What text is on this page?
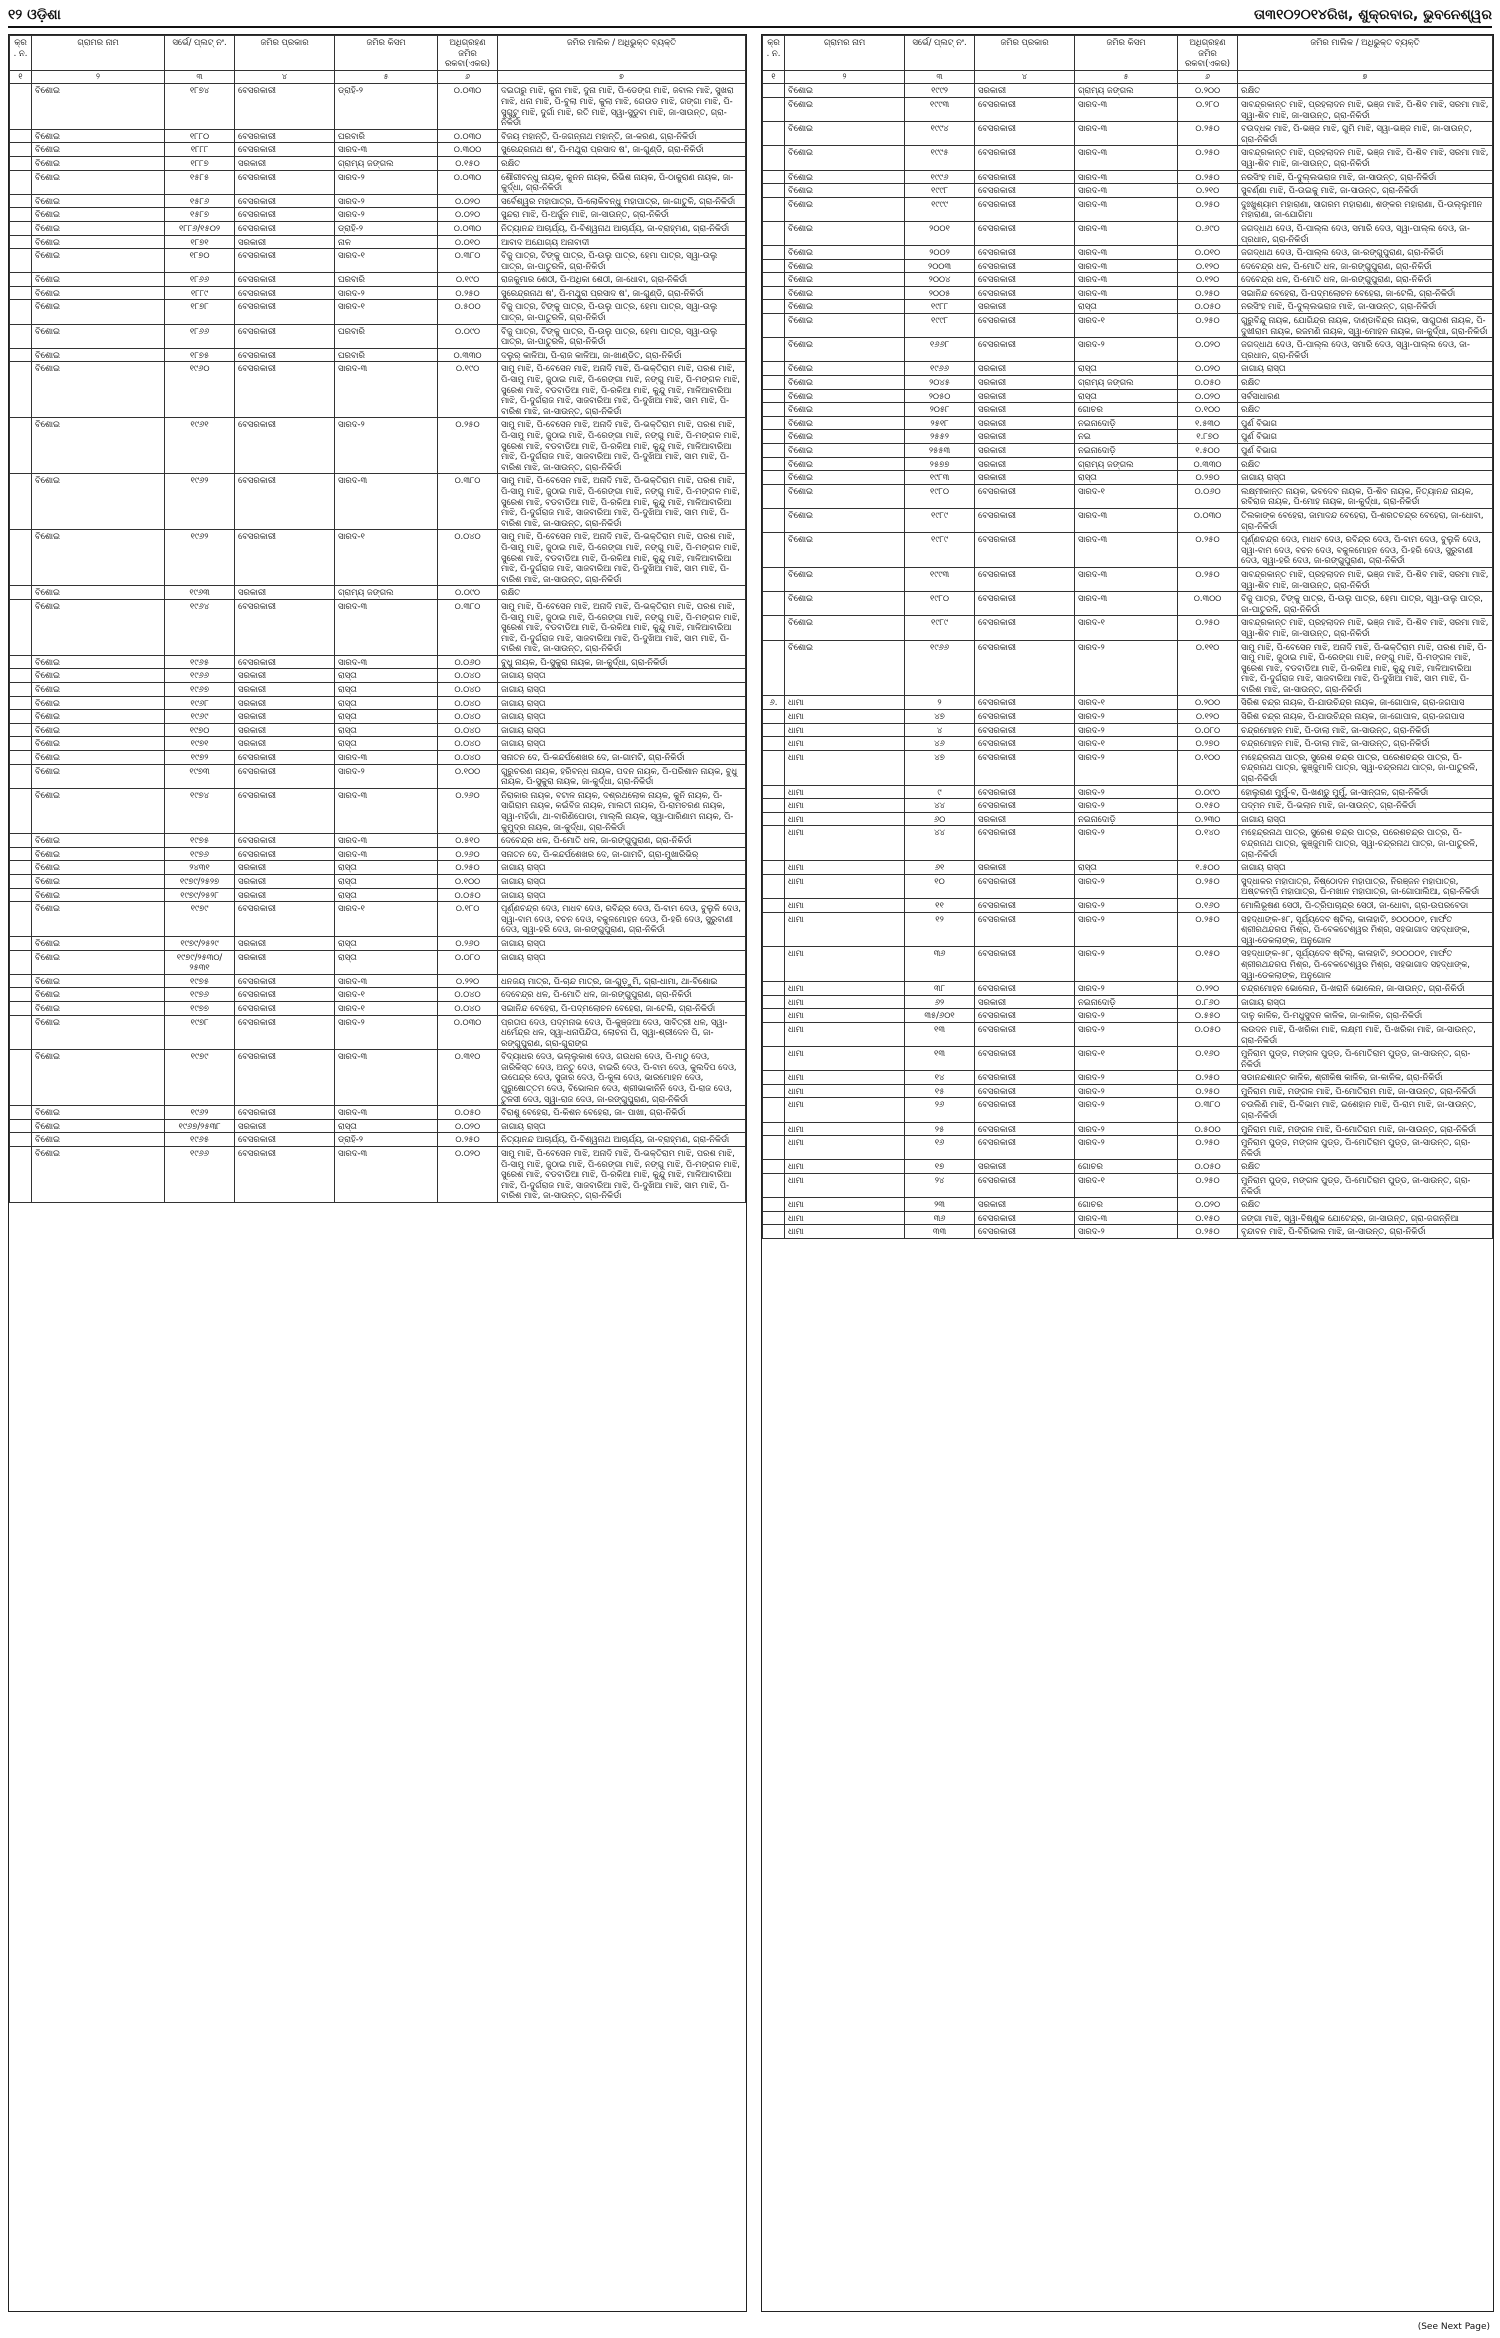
୧୨ ଓଡ଼ିଶା	ତା୩୧୦୨୦୧୪ରିଖ, ଶୁକ୍ରବାର, ଭୁବନେଶ୍ୱର
କ୍ର. ନ.	ଗ୍ରାମର ନାମ	ସର୍ଭେ/ ପ୍ଲଟ୍ ନଂ.	ଜମିର ପ୍ରକାର	ଜମିର କିସମ	ଅଧିଗ୍ରହଣ ଜମିର ରକବା(ଏକର)	ଜମିର ମାଲିକ / ଅଧିଭୁକ୍ତ ବ୍ୟକ୍ତି
୧	୨	୩	୪	୫	୬	୭
	ବିଶୋଇ	୧୮୭୪	ବେସରକାରୀ	ଡ୍ରାହି-୨	୦.୦୩୦	ଦଇତାରୁ ମାଝି, କୁନା ମାଝି, ଦୁନା ମାଝି, ପି-ଡେଙ୍ଗ ମାଝି, ଜବାଲ ମାଝି, ସୁଖରା ମାଝି, ଧନା ମାଝି, ପି-ବୁଲା ମାଝି, କୁଲା ମାଝି, ଗେଉଡ ମାଝି, ଗଙ୍ଗା ମାଝି, ପି-ସୁଗୁଟୁ ମାଝି, ଦୁର୍ଗା ମାଝି, ରତି ମାଝି, ସ୍ୱା-ସୁଡୁବା ମାଝି, ଜା-ସାଉନ୍ତ, ଗ୍ରା-ନିକିର୍ଡା
	ବିଶୋଇ	୧୮୮୦	ବେସରକାରୀ	ଘରବାରି	୦.୦୩୦	ବିଜୟ ମହାନ୍ତି, ପି-ଜଗନ୍ନାଥ ମହାନ୍ତି, ଜା-କରଣ, ଗ୍ରା-ନିକିର୍ଡା
	ବିଶୋଇ	୧୮୮୮	ବେସରକାରୀ	ସାରଦ-୩	୦.୩୦୦	ସୁରେନ୍ଦ୍ରନାଥ ଷ', ପି-ମଥୁରା ପ୍ରସାଦ ଷ', ଜା-ଗୁଣ୍ଡି, ଗ୍ରା-ନିକିର୍ଡା
	ବିଶୋଇ	୧୮୮୭	ସରକାରୀ	ଗ୍ରାମ୍ୟ ଜଙ୍ଗଲ	୦.୧୫୦	ରକ୍ଷିତ
	ବିଶୋଇ	୧୫୮୫	ବେସରକାରୀ	ସାରଦ-୨	୦.୦୩୦	ଶୌରୀବନ୍ଧୁ ନାୟକ, କୁନନ ନାୟକ, ରିଭିଶ ନାୟକ, ପି-ଠାକୁରାଣ ନାୟକ, ଜା-କୁର୍ଦ୍ଧା, ଗ୍ରା-ନିକିର୍ଡା
	ବିଶୋଇ	୧୫୮୬	ବେସରକାରୀ	ସାରଦ-୨	୦.୦୨୦	ସର୍ବେଶ୍ୱର ମହାପାତ୍ର, ପି-ଲୋକିବନ୍ଧୁ ମହାପାତ୍ର, ଜା-ଗାତୁଳି, ଗ୍ରା-ନିକିର୍ଡା
	ବିଶୋଇ	୧୫୮୭	ବେସରକାରୀ	ସାରଦ-୨	୦.୦୨୦	ସୁନ୍ଦରା ମାଝି, ପି-ଅର୍ଜୁନ ମାଝି, ଜା-ସାଉନ୍ତ, ଗ୍ରା-ନିକିର୍ଡା
	ବିଶୋଇ	୧୮୮୬/୧୫୦୨	ବେସରକାରୀ	ଡ୍ରାହି-୨	୦.୦୩୦	ନିତ୍ୟାନନ୍ଦ ଆଚାର୍ଯ୍ୟ, ପି-ବିଶ୍ୱନାଥ ଆଚାର୍ଯ୍ୟ, ଜା-ବ୍ରାହ୍ମଣ, ଗ୍ରା-ନିକିର୍ଡା
	ବିଶୋଇ	୧୮୭୧	ସରକାରୀ	ନାଳ	୦.୦୧୦	ଆବାଦ ଅଯୋଗ୍ୟ ଅନାବାଦୀ
	ବିଶୋଇ	୧୮୭୦	ବେସରକାରୀ	ସାରଦ-୧	୦.୩୮୦	ବିଜୁ ପାତ୍ର, ଟିଙ୍କୁ ପାତ୍ର, ପି-ଉଲୁ ପାତ୍ର, ହେମା ପାତ୍ର, ସ୍ୱା-ଉଲୁ ପାତ୍ର, ଜା-ପାତୁରଳି, ଗ୍ରା-ନିକିର୍ଡା
	ବିଶୋଇ	୧୮୬୬	ବେସରକାରୀ	ଘରବାରି	୦.୧୯୦	ରାଜକୁମାର ଶେଠୀ, ପି-ଅଧିକା ଶେଠୀ, ଜା-ଧୋବା, ଗ୍ରା-ନିକିର୍ଡା
	ବିଶୋଇ	୧୮୮୯	ବେସରକାରୀ	ସାରଦ-୨	୦.୨୫୦	ସୁରେନ୍ଦ୍ରନାଥ ଷ', ପି-ମଥୁରା ପ୍ରସାଦ ଷ', ଜା-ଗୁଣ୍ଡି, ଗ୍ରା-ନିକିର୍ଡା
	ବିଶୋଇ	୧୮୭୮	ବେସରକାରୀ	ସାରଦ-୧	୦.୫୦୦	ବିଜୁ ପାତ୍ର, ଟିଙ୍କୁ ପାତ୍ର, ପି-ଉଲୁ ପାତ୍ର, ହେମା ପାତ୍ର, ସ୍ୱା-ଉଲୁ ପାତ୍ର, ଜା-ପାତୁରଳି, ଗ୍ରା-ନିକିର୍ଡା
	ବିଶୋଇ	୧୮୬୬	ବେସରକାରୀ	ଘରବାରି	୦.୦୯୦	ବିଜୁ ପାତ୍ର, ଟିଙ୍କୁ ପାତ୍ର, ପି-ଉଲୁ ପାତ୍ର, ହେମା ପାତ୍ର, ସ୍ୱା-ଉଲୁ ପାତ୍ର, ଜା-ପାତୁରଳି, ଗ୍ରା-ନିକିର୍ଡା
	ବିଶୋଇ	୧୮୭୫	ବେସରକାରୀ	ଘରବାରି	୦.୩୩୦	ଦଲୁର୍ କାଳିଆ, ପି-ରାଜ କାଳିଆ, ଜା-ଖାଣ୍ଡିତ, ଗ୍ରା-ନିକିର୍ଡା
	ବିଶୋଇ	୧୯୬୦	ବେସରକାରୀ	ସାରଦ-୩	୦.୧୯୦	ସାମୁ ମାଝି, ପି-ବେସେନ ମାଝି, ଅନାଦି ମାଝି, ପି-ଭକ୍ତିରାମ ମାଝି, ପରଶ ମାଝି, ପି-ସାମୁ ମାଝି, ଜୁଠାଇ ମାଝି, ପି-ରେଙ୍ଗା ମାଝି, ନଙ୍ଗୁ ମାଝି, ପି-ମଙ୍ଗଳ ମାଝି, ସୁରେଶ ମାଝି, ବଡବାଡିଆ ମାଝି, ପି-ରକିଆ ମାଝି, କୁନ୍ଦୁ ମାଝି, ମାଳିଆବାରିଆ ମାଝି, ପି-ଦୁର୍ଗରାଜ ମାଝି, ସାଜବାରିଆ ମାଝି, ପି-ଦୁଖିଆ ମାଝି, ସାମ ମାଝି, ପି-ବାରିଶ ମାଝି, ଜା-ସାଉନ୍ତ, ଗ୍ରା-ନିକିର୍ଡା
	ବିଶୋଇ	୧୯୬୧	ବେସରକାରୀ	ସାରଦ-୨	୦.୨୫୦	ସାମୁ ମାଝି, ପି-ବେସେନ ମାଝି, ଅନାଦି ମାଝି, ପି-ଭକ୍ତିରାମ ମାଝି, ପରଶ ମାଝି, ପି-ସାମୁ ମାଝି, ଜୁଠାଇ ମାଝି, ପି-ରେଙ୍ଗା ମାଝି, ନଙ୍ଗୁ ମାଝି, ପି-ମଙ୍ଗଳ ମାଝି, ସୁରେଶ ମାଝି, ବଡବାଡିଆ ମାଝି, ପି-ରକିଆ ମାଝି, କୁନ୍ଦୁ ମାଝି, ମାଳିଆବାରିଆ ମାଝି, ପି-ଦୁର୍ଗରାଜ ମାଝି, ସାଜବାରିଆ ମାଝି, ପି-ଦୁଖିଆ ମାଝି, ସାମ ମାଝି, ପି-ବାରିଶ ମାଝି, ଜା-ସାଉନ୍ତ, ଗ୍ରା-ନିକିର୍ଡା
	ବିଶୋଇ	୧୯୬୨	ବେସରକାରୀ	ସାରଦ-୩	୦.୩୮୦	ସାମୁ ମାଝି, ପି-ବେସେନ ମାଝି, ଅନାଦି ମାଝି, ପି-ଭକ୍ତିରାମ ମାଝି, ପରଶ ମାଝି, ପି-ସାମୁ ମାଝି, ଜୁଠାଇ ମାଝି, ପି-ରେଙ୍ଗା ମାଝି, ନଙ୍ଗୁ ମାଝି, ପି-ମଙ୍ଗଳ ମାଝି, ସୁରେଶ ମାଝି, ବଡବାଡିଆ ମାଝି, ପି-ରକିଆ ମାଝି, କୁନ୍ଦୁ ମାଝି, ମାଳିଆବାରିଆ ମାଝି, ପି-ଦୁର୍ଗରାଜ ମାଝି, ସାଜବାରିଆ ମାଝି, ପି-ଦୁଖିଆ ମାଝି, ସାମ ମାଝି, ପି-ବାରିଶ ମାଝି, ଜା-ସାଉନ୍ତ, ଗ୍ରା-ନିକିର୍ଡା
	ବିଶୋଇ	୧୯୬୨	ବେସରକାରୀ	ସାରଦ-୧	୦.୦୪୦	ସାମୁ ମାଝି, ପି-ବେସେନ ମାଝି, ଅନାଦି ମାଝି, ପି-ଭକ୍ତିରାମ ମାଝି, ପରଶ ମାଝି, ପି-ସାମୁ ମାଝି, ଜୁଠାଇ ମାଝି, ପି-ରେଙ୍ଗା ମାଝି, ନଙ୍ଗୁ ମାଝି, ପି-ମଙ୍ଗଳ ମାଝି, ସୁରେଶ ମାଝି, ବଡବାଡିଆ ମାଝି, ପି-ରକିଆ ମାଝି, କୁନ୍ଦୁ ମାଝି, ମାଳିଆବାରିଆ ମାଝି, ପି-ଦୁର୍ଗରାଜ ମାଝି, ସାଜବାରିଆ ମାଝି, ପି-ଦୁଖିଆ ମାଝି, ସାମ ମାଝି, ପି-ବାରିଶ ମାଝି, ଜା-ସାଉନ୍ତ, ଗ୍ରା-ନିକିର୍ଡା
	ବିଶୋଇ	୧୯୬୩	ସରକାରୀ	ଗ୍ରାମ୍ୟ ଜଙ୍ଗଲ	୦.୦୯୦	ରକ୍ଷିତ
	ବିଶୋଇ	୧୯୬୪	ବେସରକାରୀ	ସାରଦ-୩	୦.୩୮୦	ସାମୁ ମାଝି, ପି-ବେସେନ ମାଝି, ଅନାଦି ମାଝି, ପି-ଭକ୍ତିରାମ ମାଝି, ପରଶ ମାଝି, ପି-ସାମୁ ମାଝି, ଜୁଠାଇ ମାଝି, ପି-ରେଙ୍ଗା ମାଝି, ନଙ୍ଗୁ ମାଝି, ପି-ମଙ୍ଗଳ ମାଝି, ସୁରେଶ ମାଝି, ବଡବାଡିଆ ମାଝି, ପି-ରକିଆ ମାଝି, କୁନ୍ଦୁ ମାଝି, ମାଳିଆବାରିଆ ମାଝି, ପି-ଦୁର୍ଗରାଜ ମାଝି, ସାଜବାରିଆ ମାଝି, ପି-ଦୁଖିଆ ମାଝି, ସାମ ମାଝି, ପି-ବାରିଶ ମାଝି, ଜା-ସାଉନ୍ତ, ଗ୍ରା-ନିକିର୍ଡା
	ବିଶୋଇ	୧୯୬୫	ବେସରକାରୀ	ସାରଦ-୩	୦.୦୬୦	ବୁଧୁ ନାୟକ, ପି-ସୁକୁରା ନାୟକ, ଜା-କୁର୍ଦ୍ଧା, ଗ୍ରା-ନିକିର୍ଡା
	ବିଶୋଇ	୧୯୬୬	ସରକାରୀ	ରାସ୍ତା	୦.୦୪୦	ଜାଗାୟ ରାସ୍ତା
	ବିଶୋଇ	୧୯୬୭	ସରକାରୀ	ରାସ୍ତା	୦.୦୪୦	ଜାଗାୟ ରାସ୍ତା
	ବିଶୋଇ	୧୯୬୮	ସରକାରୀ	ରାସ୍ତା	୦.୦୪୦	ଜାଗାୟ ରାସ୍ତା
	ବିଶୋଇ	୧୯୬୯	ସରକାରୀ	ରାସ୍ତା	୦.୦୪୦	ଜାଗାୟ ରାସ୍ତା
	ବିଶୋଇ	୧୯୭୦	ସରକାରୀ	ରାସ୍ତା	୦.୦୪୦	ଜାଗାୟ ରାସ୍ତା
	ବିଶୋଇ	୧୯୭୧	ସରକାରୀ	ରାସ୍ତା	୦.୦୪୦	ଜାଗାୟ ରାସ୍ତା
	ବିଶୋଇ	୧୯୭୨	ବେସରକାରୀ	ସାରଦ-୩	୦.୦୪୦	ସନାତନ ଦେ, ପି-କନ୍ଦର୍ପଶେଖର ଦେ, ଜା-ଗାମଟି, ଗ୍ରା-ନିକିର୍ଡା
	ବିଶୋଇ	୧୯୭୩	ବେସରକାରୀ	ସାରଦ-୨	୦.୧୦୦	ଗୁରୁଚରଣ ନାୟକ, ହରିବନ୍ଧ ନାୟକ, ପଦନ ନାୟକ, ପି-ପରିଶାନ ନାୟକ, ବୁଧୁ ନାୟକ, ପି-ସୁକୁରା ନାୟକ, ଜା-କୁର୍ଦ୍ଧା, ଗ୍ରା-ନିକିର୍ଡା
	ବିଶୋଇ	୧୯୭୪	ବେସରକାରୀ	ସାରଦ-୩	୦.୨୬୦	ନିରାକାର ନାୟକ, ବଟାଳ ନାୟକ, ଦଶ୍ରଥଲୋକ ନାୟକ, କୁନି ନାୟକ, ପି-ସାଗିରାମ ନାୟକ, କଇଁବିଜ ନାୟକ, ମାଲତୀ ନାୟକ, ପି-ରାମଚରଣ ନାୟକ, ସ୍ୱା-ମହିଗାଁ, ଥା-ବାରିଣିପୋଡା, ମାଲ୍ଲି ନାୟକ, ସ୍ୱା-ପାରିଣାମ ନାୟକ, ପି-କୁମୁଦ୍ର ନାୟକ, ଜା-କୁର୍ଦ୍ଧା, ଗ୍ରା-ନିକିର୍ଡା
	ବିଶୋଇ	୧୯୭୫	ବେସରକାରୀ	ସାରଦ-୩	୦.୫୧୦	ଦେବେନ୍ଦ୍ର ଧଳ, ପି-ମୋତି ଧଳ, ଜା-ରଙ୍ଗୁପୁରାଣ, ଗ୍ରା-ନିକିର୍ଡା
	ବିଶୋଇ	୧୯୭୬	ବେସରକାରୀ	ସାରଦ-୩	୦.୨୬୦	ସନାତନ ଦେ, ପି-କନ୍ଦର୍ପଶେଖର ଦେ, ଜା-ଗାମଟି, ଗ୍ରା-ମୁଖାରିଭିର୍
	ବିଶୋଇ	୨୪୩୧	ସରକାରୀ	ରାସ୍ତା	୦.୨୫୦	ଜାଗାୟ ରାସ୍ତା
	ବିଶୋଇ	୧୯୭୯/୨୫୨୭	ସରକାରୀ	ରାସ୍ତା	୦.୧୦୦	ଜାଗାୟ ରାସ୍ତା
	ବିଶୋଇ	୧୯୭୯/୨୫୨୮	ସରକାରୀ	ରାସ୍ତା	୦.୦୫୦	ଜାଗାୟ ରାସ୍ତା
	ବିଶୋଇ	୧୯୭୯	ବେସରକାରୀ	ସାରଦ-୧	୦.୧୮୦	ପୂର୍ଣ୍ଣଚନ୍ଦ୍ର ଦେଓ, ମାଧବ ଦେଓ, ରବିନ୍ଦ୍ର ଦେଓ, ପି-ବାମ ଦେଓ, ବୁଲୁଳି ଦେଓ, ସ୍ୱା-ବାମ ଦେଓ, ବଚନ ଦେଓ, ବକୁଳମୋହନ ଦେଓ, ପି-ହରି ଦେଓ, ସୁରୁବାଣୀ ଦେଓ, ସ୍ୱା-ହରି ଦେଓ, ଜା-ରଙ୍ଗୁପୁରାଣ, ଗ୍ରା-ନିକିର୍ଡା
	ବିଶୋଇ	୧୯୭୯/୨୫୨୯	ସରକାରୀ	ରାସ୍ତା	୦.୨୬୦	ଜାଗାୟ ରାସ୍ତା
	ବିଶୋଇ	୧୯୭୯/୨୫୩୦/ ୨୫୩୧	ସରକାରୀ	ରାସ୍ତା	୦.୦୮୦	ଜାଗାୟ ରାସ୍ତା
	ବିଶୋଇ	୧୯୭୫	ବେସରକାରୀ	ସାରଦ-୩	୦.୨୨୦	ଧନଜୟ ମାତ୍ର, ପି-ଚାନ୍ଦ ମାତ୍ର, ଜା-ଗୁଡ଼ୁମି, ଗ୍ରା-ଧାମା, ଥା-ବିଶୋଇ
	ବିଶୋଇ	୧୯୭୬	ବେସରକାରୀ	ସାରଦ-୧	୦.୦୪୦	ଦେବେନ୍ଦ୍ର ଧଳ, ପି-ମୋତି ଧଳ, ଜା-ରଙ୍ଗୁପୁରାଣ, ଗ୍ରା-ନିକିର୍ଡା
	ବିଶୋଇ	୧୯୭୭	ବେସରକାରୀ	ସାରଦ-୧	୦.୦୪୦	ସଇାନିନ୍ଦ ବେହେରା, ପି-ପଦ୍ମଲୋଚନ ବେହେରା, ଜା-ଟେଲି, ଗ୍ରା-ନିକିର୍ଡା
	ବିଶୋଇ	୧୯୭୮	ବେସରକାରୀ	ସାରଦ-୨	୦.୦୩୦	ପ୍ରତାପ ଦେଓ, ପଦ୍ମନାଭ ଦେଓ, ପି-କୁଞ୍ଜଆ ଦେଓ, ସାବିତ୍ରୀ ଧଳ, ସ୍ୱା-ଧର୍ମେନ୍ଦ୍ର ଧଳ, ସ୍ୱା-ଧନାପିନ୍ଦିତା, ଲୋଚନା ପି, ସ୍ୱା-ଶ୍ରୀଦେନ ପି, ଜା-ରଙ୍ଗୁପୁରାଣ, ଗ୍ରା-ଗୁରାଙ୍ଗ
	ବିଶୋଇ	୧୯୭୯	ବେସରକାରୀ	ସାରଦ-୩	୦.୩୧୦	ବିଦ୍ୟାଧର ଦେଓ, ଭଲ୍ଲୁକାଶ ଦେଓ, ଗଉଧର ଦେଓ, ପି-ମାଠୁ ଦେଓ, ଜାରିକିସ୍ତ ଦେଓ, ଅନ୍ତୁ ଦେଓ, ବାଇରି ଦେଓ, ପି-ବାମ ଦେଓ, କୁଲଦିପ ଦେଓ, ଉପେନ୍ଦ୍ର ଦେଓ, ସୁଜାର ଦେଓ, ପି-କୁଳା ଦେଓ, ଭାରମୋହନ ଦେଓ, ପୁରୁଷୋତ୍ତମ ଦେଓ, ବିଭୋଲନ ଦେଓ, ଶ୍ରୀଭାକାନିନି ଦେଓ, ପି-ରାଜ ଦେଓ, ତୁଳସୀ ଦେଓ, ସ୍ୱା-ରାଜ ଦେଓ, ଜା-ରଙ୍ଗୁପୁରାଣ, ଗ୍ରା-ନିକିର୍ଡା
	ବିଶୋଇ	୧୯୬୨	ବେସରକାରୀ	ସାରଦ-୩	୦.୦୫୦	ବିରାଶୁ ବେହେରା, ପି-କିଶନ ବେହେରା, ଜା- ପାଖା, ଗ୍ରା-ନିକିର୍ଡା
	ବିଶୋଇ	୧୯୬୭/୨୫୩୮	ସରକାରୀ	ରାସ୍ତା	୦.୦୨୦	ଜାଗାୟ ରାସ୍ତା
	ବିଶୋଇ	୧୯୬୫	ବେସରକାରୀ	ଡ୍ରାହି-୨	୦.୨୫୦	ନିତ୍ୟାନନ୍ଦ ଆଚାର୍ଯ୍ୟ, ପି-ବିଶ୍ୱନାଥ ଆଚାର୍ଯ୍ୟ, ଜା-ବ୍ରାହ୍ମଣ, ଗ୍ରା-ନିକିର୍ଡା
	ବିଶୋଇ	୧୯୬୬	ବେସରକାରୀ	ସାରଦ-୩	୦.୦୨୦	ସାମୁ ମାଝି, ପି-ବେସେନ ମାଝି, ଅନାଦି ମାଝି, ପି-ଭକ୍ତିରାମ ମାଝି, ପରଶ ମାଝି, ପି-ସାମୁ ମାଝି, ଜୁଠାଇ ମାଝି, ପି-ରେଙ୍ଗା ମାଝି, ନଙ୍ଗୁ ମାଝି, ପି-ମଙ୍ଗଳ ମାଝି, ସୁରେଶ ମାଝି, ବଡବାଡିଆ ମାଝି, ପି-ରକିଆ ମାଝି, କୁନ୍ଦୁ ମାଝି, ମାଳିଆବାରିଆ ମାଝି, ପି-ଦୁର୍ଗରାଜ ମାଝି, ସାଜବାରିଆ ମାଝି, ପି-ଦୁଖିଆ ମାଝି, ସାମ ମାଝି, ପି-ବାରିଶ ମାଝି, ଜା-ସାଉନ୍ତ, ଗ୍ରା-ନିକିର୍ଡା
କ୍ର. ନ.	ଗ୍ରାମର ନାମ	ସର୍ଭେ/ ପ୍ଲଟ୍ ନଂ.	ଜମିର ପ୍ରକାର	ଜମିର କିସମ	ଅଧିଗ୍ରହଣ ଜମିର ରକବା(ଏକର)	ଜମିର ମାଲିକ / ଅଧିଭୁକ୍ତ ବ୍ୟକ୍ତି
୧	୨	୩	୪	୫	୬	୭
	ବିଶୋଇ	୧୯୯୨	ସରକାରୀ	ଗ୍ରାମ୍ୟ ଜଙ୍ଗଲ	୦.୨୦୦	ରକ୍ଷିତ
	ବିଶୋଇ	୧୯୯୩	ବେସରକାରୀ	ସାରଦ-୩	୦.୨୮୦	ସାବନ୍ଦ୍ରକାନ୍ତ ମାଝି, ପ୍ରହଲାଦନ ମାଝି, ଭଞ୍ଜ ମାଝି, ପି-ଶିବ ମାଝି, ସରମା ମାଝି, ସ୍ୱା-ଶିବ ମାଝି, ଜା-ସାଉନ୍ତ, ଗ୍ରା-ନିକିର୍ଡା
	ବିଶୋଇ	୧୯୯୪	ବେସରକାରୀ	ସାରଦ-୩	୦.୨୫୦	ବଉଦ୍ଧକ ମାଝି, ପି-ଭଞ୍ଜ ମାଝି, ଗୁମି ମାଝି, ସ୍ୱା-ଭଞ୍ଜ ମାଝି, ଜା-ସାଉନ୍ତ, ଗ୍ରା-ନିକିର୍ଡା
	ବିଶୋଇ	୧୯୯୫	ବେସରକାରୀ	ସାରଦ-୩	୦.୨୫୦	ସାବନ୍ଦ୍ରକାନ୍ତ ମାଝି, ପ୍ରହଲାଦନ ମାଝି, ଭଞ୍ଜ ମାଝି, ପି-ଶିବ ମାଝି, ସରମା ମାଝି, ସ୍ୱା-ଶିବ ମାଝି, ଜା-ସାଉନ୍ତ, ଗ୍ରା-ନିକିର୍ଡା
	ବିଶୋଇ	୧୯୯୬	ବେସରକାରୀ	ସାରଦ-୩	୦.୨୫୦	ନରସିଂହ ମାଝି, ପି-ଦୁଲ୍ଲଭରାଜ ମାଝି, ଜା-ସାଉନ୍ତ, ଗ୍ରା-ନିକିର୍ଡା
	ବିଶୋଇ	୧୯୯୮	ବେସରକାରୀ	ସାରଦ-୩	୦.୨୧୦	ସୁବର୍ଣ୍ଣା ମାଝି, ପି-ଉଇକୁ ମାଝି, ଜା-ସାଉନ୍ତ, ଗ୍ରା-ନିକିର୍ଡା
	ବିଶୋଇ	୧୯୯୯	ବେସରକାରୀ	ସାରଦ-୩	୦.୨୫୦	ଦୁଃଖୁଶ୍ୟାମ ମହାରାଣା, ସାଗରମ ମହାରାଣା, ଶଙ୍କର ମହାରାଣା, ପି-ଉଲ୍ଲୁମୀନ ମହାରାଣା, ଜା-ଯୋଗିମା
	ବିଶୋଇ	୨୦୦୧	ବେସରକାରୀ	ସାରଦ-୩	୦.୬୯୦	ଜଗଦ୍ଧାଥ ଦେଓ, ପି-ପାଲ୍ଲ ଦେଓ, ସମାରି ଦେଓ, ସ୍ୱା-ପାଲ୍ଲ ଦେଓ, ଜା-ପ୍ରଧାନ, ଗ୍ରା-ନିକିର୍ଡା
	ବିଶୋଇ	୨୦୦୨	ବେସରକାରୀ	ସାରଦ-୩	୦.୦୧୦	ଜଗଦ୍ଧାଥ ଦେଓ, ପି-ପାଲ୍ଲ ଦେଓ, ଜା-ରଙ୍ଗୁପୁରାଣ, ଗ୍ରା-ନିକିର୍ଡା
	ବିଶୋଇ	୨୦୦୩	ବେସରକାରୀ	ସାରଦ-୩	୦.୧୨୦	ଦେବେନ୍ଦ୍ର ଧଳ, ପି-ମୋତି ଧଳ, ଜା-ରଙ୍ଗୁପୁରାଣ, ଗ୍ରା-ନିକିର୍ଡା
	ବିଶୋଇ	୨୦୦୪	ବେସରକାରୀ	ସାରଦ-୩	୦.୧୨୦	ଦେବେନ୍ଦ୍ର ଧଳ, ପି-ମୋତି ଧଳ, ଜା-ରଙ୍ଗୁପୁରାଣ, ଗ୍ରା-ନିକିର୍ଡା
	ବିଶୋଇ	୨୦୦୫	ବେସରକାରୀ	ସାରଦ-୩	୦.୨୫୦	ସଇାନିନ୍ଦ ବେହେରା, ପି-ପଦ୍ମଲୋଚନ ବେହେରା, ଜା-ଟେଲି, ଗ୍ରା-ନିକିର୍ଡା
	ବିଶୋଇ	୧୯୮୮	ସରକାରୀ	ରାସ୍ତା	୦.୦୫୦	ନରସିଂହ ମାଝି, ପି-ଦୁଲ୍ଲଭରାଜ ମାଝି, ଜା-ସାଉନ୍ତ, ଗ୍ରା-ନିକିର୍ଡା
	ବିଶୋଇ	୧୯୯୮	ବେସରକାରୀ	ସାରଦ-୧	୦.୨୫୦	ଗୁରୁବିନ୍ଦୁ ନାୟକ, ଯୋଗିନ୍ଦ୍ର ନାୟକ, ଦାଣ୍ଡାବିନ୍ଦ୍ର ନାୟକ, ସାଗୁତାଶ ନାୟକ, ପି-ଦୁଖୀରାମ ନାୟକ, ରଜମଣି ନାୟକ, ସ୍ୱା-ମୋହନ ନାୟକ, ଜା-କୁର୍ଦ୍ଧା, ଗ୍ରା-ନିକିର୍ଡା
	ବିଶୋଇ	୧୬୬୮	ବେସରକାରୀ	ସାରଦ-୨	୦.୦୨୦	ଜଗଦ୍ଧାଥ ଦେଓ, ପି-ପାଲ୍ଲ ଦେଓ, ସମାରି ଦେଓ, ସ୍ୱା-ପାଲ୍ଲ ଦେଓ, ଜା-ପ୍ରଧାନ, ଗ୍ରା-ନିକିର୍ଡା
	ବିଶୋଇ	୧୯୬୬	ସରକାରୀ	ରାସ୍ତା	୦.୦୨୦	ଜାଗାୟ ରାସ୍ତା
	ବିଶୋଇ	୨୦୪୫	ସରକାରୀ	ଗ୍ରାମ୍ୟ ଜଙ୍ଗଲ	୦.୦୫୦	ରକ୍ଷିତ
	ବିଶୋଇ	୨୦୫୦	ସରକାରୀ	ରାସ୍ତା	୦.୦୨୦	ସର୍ବସାଧାରଣ
	ବିଶୋଇ	୨୦୫୮	ସରକାରୀ	ଗୋଚର	୦.୧୦୦	ରକ୍ଷିତ
	ବିଶୋଇ	୨୫୧୮	ସରକାରୀ	ନଇନାଦୋଡ଼ି	୧.୫୩୦	ପୁର୍ଣ ବିଭାଗ
	ବିଶୋଇ	୨୫୫୨	ସରକାରୀ	ନଇ	୧.୮୭୦	ପୁର୍ଣ ବିଭାଗ
	ବିଶୋଇ	୨୫୫୩	ସରକାରୀ	ନଇନାଦୋଡ଼ି	୧.୫୦୦	ପୁର୍ଣ ବିଭାଗ
	ବିଶୋଇ	୨୫୭୭	ସରକାରୀ	ଗ୍ରାମ୍ୟ ଜଙ୍ଗଲ	୦.୩୩୦	ରକ୍ଷିତ
	ବିଶୋଇ	୧୯୮୩	ସରକାରୀ	ରାସ୍ତା	୦.୨୭୦	ଜାଗାୟ ରାସ୍ତା
	ବିଶୋଇ	୧୯୮୦	ବେସରକାରୀ	ସାରଦ-୧	୦.୦୬୦	ଲକ୍ଷ୍ମୀକାନ୍ତ ନାୟକ, ଭବଦେବ ନାୟକ, ପି-ଶିବ ନାୟକ, ନିତ୍ୟାନନ୍ଦ ନାୟକ, ରବିରାଜ ନାୟକ, ପି-ମୋହ ନାୟକ, ଜା-କୁର୍ଦ୍ଧା, ଗ୍ରା-ନିକିର୍ଡା
	ବିଶୋଇ	୧୯୮୯	ବେସରକାରୀ	ସାରଦ-୩	୦.୦୩୦	ତିଲକାଙ୍କ ବେହେରା, ଜାମାଦନ୍ଦ ବେହେରା, ପି-ଶରତଚନ୍ଦ୍ର ବେହେରା, ଜା-ଧୋବା, ଗ୍ରା-ନିକିର୍ଡା
	ବିଶୋଇ	୧୯୮୯	ବେସରକାରୀ	ସାରଦ-୩	୦.୨୫୦	ପୂର୍ଣ୍ଣଚନ୍ଦ୍ର ଦେଓ, ମାଧବ ଦେଓ, ରବିନ୍ଦ୍ର ଦେଓ, ପି-ବାମ ଦେଓ, ବୁଲୁଳି ଦେଓ, ସ୍ୱା-ବାମ ଦେଓ, ବଚନ ଦେଓ, ବକୁଳମୋହନ ଦେଓ, ପି-ହରି ଦେଓ, ସୁରୁବାଣୀ ଦେଓ, ସ୍ୱା-ହରି ଦେଓ, ଜା-ରଙ୍ଗୁପୁରାଣ, ଗ୍ରା-ନିକିର୍ଡା
	ବିଶୋଇ	୧୯୯୩	ବେସରକାରୀ	ସାରଦ-୩	୦.୨୫୦	ସାବନ୍ଦ୍ରକାନ୍ତ ମାଝି, ପ୍ରହଲାଦନ ମାଝି, ଭଞ୍ଜ ମାଝି, ପି-ଶିବ ମାଝି, ସରମା ମାଝି, ସ୍ୱା-ଶିବ ମାଝି, ଜା-ସାଉନ୍ତ, ଗ୍ରା-ନିକିର୍ଡା
	ବିଶୋଇ	୧୯୮୦	ବେସରକାରୀ	ସାରଦ-୩	୦.୩୦୦	ବିଜୁ ପାତ୍ର, ଟିଙ୍କୁ ପାତ୍ର, ପି-ଉଲୁ ପାତ୍ର, ହେମା ପାତ୍ର, ସ୍ୱା-ଉଲୁ ପାତ୍ର, ଜା-ପାତୁରଳି, ଗ୍ରା-ନିକିର୍ଡା
	ବିଶୋଇ	୧୯୮୯	ବେସରକାରୀ	ସାରଦ-୧	୦.୨୫୦	ସାବନ୍ଦ୍ରକାନ୍ତ ମାଝି, ପ୍ରହଲାଦନ ମାଝି, ଭଞ୍ଜ ମାଝି, ପି-ଶିବ ମାଝି, ସରମା ମାଝି, ସ୍ୱା-ଶିବ ମାଝି, ଜା-ସାଉନ୍ତ, ଗ୍ରା-ନିକିର୍ଡା
	ବିଶୋଇ	୧୯୬୬	ବେସରକାରୀ	ସାରଦ-୨	୦.୧୧୦	ସାମୁ ମାଝି, ପି-ବେସେନ ମାଝି, ଅନାଦି ମାଝି, ପି-ଭକ୍ତିରାମ ମାଝି, ପରଶ ମାଝି, ପି-ସାମୁ ମାଝି, ଜୁଠାଇ ମାଝି, ପି-ରେଙ୍ଗା ମାଝି, ନଙ୍ଗୁ ମାଝି, ପି-ମଙ୍ଗଳ ମାଝି, ସୁରେଶ ମାଝି, ବଡବାଡିଆ ମାଝି, ପି-ରକିଆ ମାଝି, କୁନ୍ଦୁ ମାଝି, ମାଳିଆବାରିଆ ମାଝି, ପି-ଦୁର୍ଗରାଜ ମାଝି, ସାଜବାରିଆ ମାଝି, ପି-ଦୁଖିଆ ମାଝି, ସାମ ମାଝି, ପି-ବାରିଶ ମାଝି, ଜା-ସାଉନ୍ତ, ଗ୍ରା-ନିକିର୍ଡା
୬.	ଧାମା	୨	ବେସରକାରୀ	ସାରଦ-୧	୦.୨୦୦	ସିରିଶ ଚନ୍ଦ୍ର ନାୟକ, ପି-ଯାଉଚିନ୍ଦ୍ର ନାୟକ, ଜା-ଗୋପାଳ, ଗ୍ରା-ଜଗପାସ
	ଧାମା	୪୭	ବେସରକାରୀ	ସାରଦ-୨	୦.୧୨୦	ସିରିଶ ଚନ୍ଦ୍ର ନାୟକ, ପି-ଯାଉଚିନ୍ଦ୍ର ନାୟକ, ଜା-ଗୋପାଳ, ଗ୍ରା-ଜଗପାସ
	ଧାମା	୪	ବେସରକାରୀ	ସାରଦ-୨	୦.୦୮୦	ଚନ୍ଦ୍ରମୋହନ ମାଝି, ପି-ଡାଲା ମାଝି, ଜା-ସାଉନ୍ତ, ଗ୍ରା-ନିକିର୍ଡା
	ଧାମା	୪୬	ବେସରକାରୀ	ସାରଦ-୧	୦.୨୭୦	ଚନ୍ଦ୍ରମୋହନ ମାଝି, ପି-ଡାଲା ମାଝି, ଜା-ସାଉନ୍ତ, ଗ୍ରା-ନିକିର୍ଡା
	ଧାମା	୪୭	ବେସରକାରୀ	ସାରଦ-୨	୦.୧୦୦	ମହେନ୍ଦ୍ରନାଥ ପାତ୍ର, ସୁରେଶ ଚନ୍ଦ୍ର ପାତ୍ର, ପରେଶଚନ୍ଦ୍ର ପାତ୍ର, ପି-ଚନ୍ଦ୍ରନାଥ ପାତ୍ର, କୁଞ୍ଜୁମାଳି ପାତ୍ର, ସ୍ୱା-ଚନ୍ଦ୍ରନାଥ ପାତ୍ର, ଜା-ପାତୁରଳି, ଗ୍ରା-ନିକିର୍ଡା
	ଧାମା	୯	ବେସରକାରୀ	ସାରଦ-୨	୦.୦୯୦	ହୋଲୁରାଣ ମୁର୍ମୁ-ବ, ପି-ଖଣ୍ଡୁ ମୁର୍ମୁ, ଜା-ସାନ୍ତାଳ, ଗ୍ରା-ନିକିର୍ଡା
	ଧାମା	୪୪	ବେସରକାରୀ	ସାରଦ-୨	୦.୧୫୦	ପଦ୍ମନ ମାଝି, ପି-ଭଲାନ ମାଝି, ଜା-ସାଉନ୍ତ, ଗ୍ରା-ନିକିର୍ଡା
	ଧାମା	୬୦	ସରକାରୀ	ନଇନାଦୋଡ଼ି	୦.୨୩୦	ଜାଗାୟ ରାସ୍ତା
	ଧାମା	୪୪	ବେସରକାରୀ	ସାରଦ-୨	୦.୧୪୦	ମହେନ୍ଦ୍ରନାଥ ପାତ୍ର, ସୁରେଶ ଚନ୍ଦ୍ର ପାତ୍ର, ପରେଶଚନ୍ଦ୍ର ପାତ୍ର, ପି-ଚନ୍ଦ୍ରନାଥ ପାତ୍ର, କୁଞ୍ଜୁମାଳି ପାତ୍ର, ସ୍ୱା-ଚନ୍ଦ୍ରନାଥ ପାତ୍ର, ଜା-ପାତୁରଳି, ଗ୍ରା-ନିକିର୍ଡା
	ଧାମା	୬୧	ସରକାରୀ	ରାସ୍ତା	୧.୫୦୦	ଜାଗାୟ ରାସ୍ତା
	ଧାମା	୧୦	ବେସରକାରୀ	ସାରଦ-୨	୦.୨୫୦	ସୁଦ୍ଧାକର ମହାପାତ୍ର, ନିଷ୍ଠୋଦନ ମହାପାତ୍ର, ନିରଞ୍ଜନ ମହାପାତ୍ର, ଅଷ୍ଟକମ୍ପି ମହାପାତ୍ର, ପି-ମଖାନ ମହାପାତ୍ର, ଜା-ଗୋପାଲିଆ, ଗ୍ରା-ନିକିର୍ଡା
	ଧାମା	୧୧	ବେସରକାରୀ	ସାରଦ-୨	୦.୧୬୦	ମୋଲିଭୂଷଣ ସେଠୀ, ପି-ତ୍ରିପାଚାନ୍ଦ୍ର ସେଠୀ, ଜା-ଧୋବା, ଗ୍ରା-ଉପରବେଡା
	ଧାମା	୧୨	ବେସରକାରୀ	ସାରଦ-୨	୦.୨୫୦	ସହଦ୍ଧାଙ୍କ-୫୮, ସୂର୍ଯ୍ୟଦେବ ଷ୍ଟିଲ୍, କାଳାହାଟି, ୭୦୦୦୦୧, ମାର୍ଫତ ଶ୍ରୀରଥନ୍ଦରପ ମିଶ୍ର, ପି-ବେକଟେଶ୍ୱର ମିଶ୍ର, ସହଭାଗାଦ ସହଦ୍ଧାଙ୍କ, ସ୍ୱା-ଡେକଲାଙ୍କ, ଅନୁଗୋଳ
	ଧାମା	୩୬	ବେସରକାରୀ	ସାରଦ-୨	୦.୧୫୦	ସହଦ୍ଧାଙ୍କ-୫୮, ସୂର୍ଯ୍ୟଦେବ ଷ୍ଟିଲ୍, କାଳାହାଟି, ୭୦୦୦୦୧, ମାର୍ଫତ ଶ୍ରୀରଥନ୍ଦରପ ମିଶ୍ର, ପି-ବେକଟେଶ୍ୱର ମିଶ୍ର, ସହଭାଗାଦ ସହଦ୍ଧାଙ୍କ, ସ୍ୱା-ଡେକଲାଙ୍କ, ଅନୁଗୋଳ
	ଧାମା	୩୮	ବେସରକାରୀ	ସାରଦ-୨	୦.୨୨୦	ଚନ୍ଦ୍ରମୋହନ ଭୋଲେନ, ପି-ଖରାନି ଭୋଲେନ, ଜା-ସାଉନ୍ତ, ଗ୍ରା-ନିକିର୍ଡା
	ଧାମା	୬୨	ସରକାରୀ	ନଇନାଦୋଡ଼ି	୦.୮୬୦	ଜାଗାୟ ରାସ୍ତା
	ଧାମା	୩୫/୬୦୧	ବେସରକାରୀ	ସାରଦ-୨	୦.୫୫୦	ଦାଳୁ କାଳିକ, ପି-ମଧୁସୁଦନ କାଳିକ, ଜା-କାଳିକ, ଗ୍ରା-ନିକିର୍ଡା
	ଧାମା	୧୩	ବେସରକାରୀ	ସାରଦ-୨	୦.୦୫୦	ଲଉଦନ ମାଝି, ପି-ଖରିକା ମାଝି, ଲକ୍ଷ୍ମୀ ମାଝି, ପି-ଖରିକା ମାଝି, ଜା-ସାଉନ୍ତ, ଗ୍ରା-ନିକିର୍ଡା
	ଧାମା	୧୩	ବେସରକାରୀ	ସାରଦ-୧	୦.୧୬୦	ମୁନିରାମ ପୁଡ୍ଡ, ମଙ୍ଗଳ ପୁଡ୍ଡ, ପି-ମୋତିରାମ ପୁଡ୍ଡ, ଜା-ସାଉନ୍ତ, ଗ୍ରା-ନିକିର୍ଡା
	ଧାମା	୧୪	ବେସରକାରୀ	ସାରଦ-୨	୦.୨୫୦	ସଡାନନ୍ଦଶାନ୍ତ କାଳିକ, ଶ୍ରୀକିଷ କାଳିକ, ଜା-କାଳିକ, ଗ୍ରା-ନିକିର୍ଡା
	ଧାମା	୧୫	ବେସରକାରୀ	ସାରଦ-୨	୦.୨୫୦	ମୁନିରାମ ମାଝି, ମଙ୍ଗଳ ମାଝି, ପି-ମୋତିରାମ ମାଝି, ଜା-ସାଉନ୍ତ, ଗ୍ରା-ନିକିର୍ଡା
	ଧାମା	୨୬	ବେସରକାରୀ	ସାରଦ-୨	୦.୩୮୦	ଚଉଲିଣି ମାଝି, ପି-ବିଭାମ ମାଝି, ଇଶେହାନ ମାଝି, ପି-ରାମ ମାଝି, ଜା-ସାଉନ୍ତ, ଗ୍ରା-ନିକିର୍ଡା
	ଧାମା	୨୫	ବେସରକାରୀ	ସାରଦ-୨	୦.୫୦୦	ମୁନିରାମ ମାଝି, ମଙ୍ଗଳ ମାଝି, ପି-ମୋତିରାମ ମାଝି, ଜା-ସାଉନ୍ତ, ଗ୍ରା-ନିକିର୍ଡା
	ଧାମା	୧୬	ବେସରକାରୀ	ସାରଦ-୨	୦.୨୫୦	ମୁନିରାମ ପୁଡ୍ଡ, ମଙ୍ଗଳ ପୁଡ୍ଡ, ପି-ମୋତିରାମ ପୁଡ୍ଡ, ଜା-ସାଉନ୍ତ, ଗ୍ରା-ନିକିର୍ଡା
	ଧାମା	୧୭	ସରକାରୀ	ଗୋଚର	୦.୦୫୦	ରକ୍ଷିତ
	ଧାମା	୨୪	ବେସରକାରୀ	ସାରଦ-୧	୦.୨୫୦	ମୁନିରାମ ପୁଡ୍ଡ, ମଙ୍ଗଳ ପୁଡ୍ଡ, ପି-ମୋତିରାମ ପୁଡ୍ଡ, ଜା-ସାଉନ୍ତ, ଗ୍ରା-ନିକିର୍ଡା
	ଧାମା	୨୩	ସରକାରୀ	ଗୋଚର	୦.୦୨୦	ରକ୍ଷିତ
	ଧାମା	୩୬	ବେସରକାରୀ	ସାରଦ-୩	୦.୧୫୦	ଜଙ୍ଗା ମାଝି, ସ୍ୱା-ବିଷ୍ଣୁକ ଯୋଟେନ୍ଦ୍ର, ଜା-ସାଉନ୍ତ, ଗ୍ରା-ଜଗନ୍ନିଆ
	ଧାମା	୩୩	ବେସରକାରୀ	ସାରଦ-୨	୦.୨୫୦	ବୃନ୍ଦାବନ ମାଝି, ପି-ବିରିଭାଲ ମାଝି, ଜା-ସାଉନ୍ତ, ଗ୍ରା-ନିକିର୍ଡା
(See Next Page)
